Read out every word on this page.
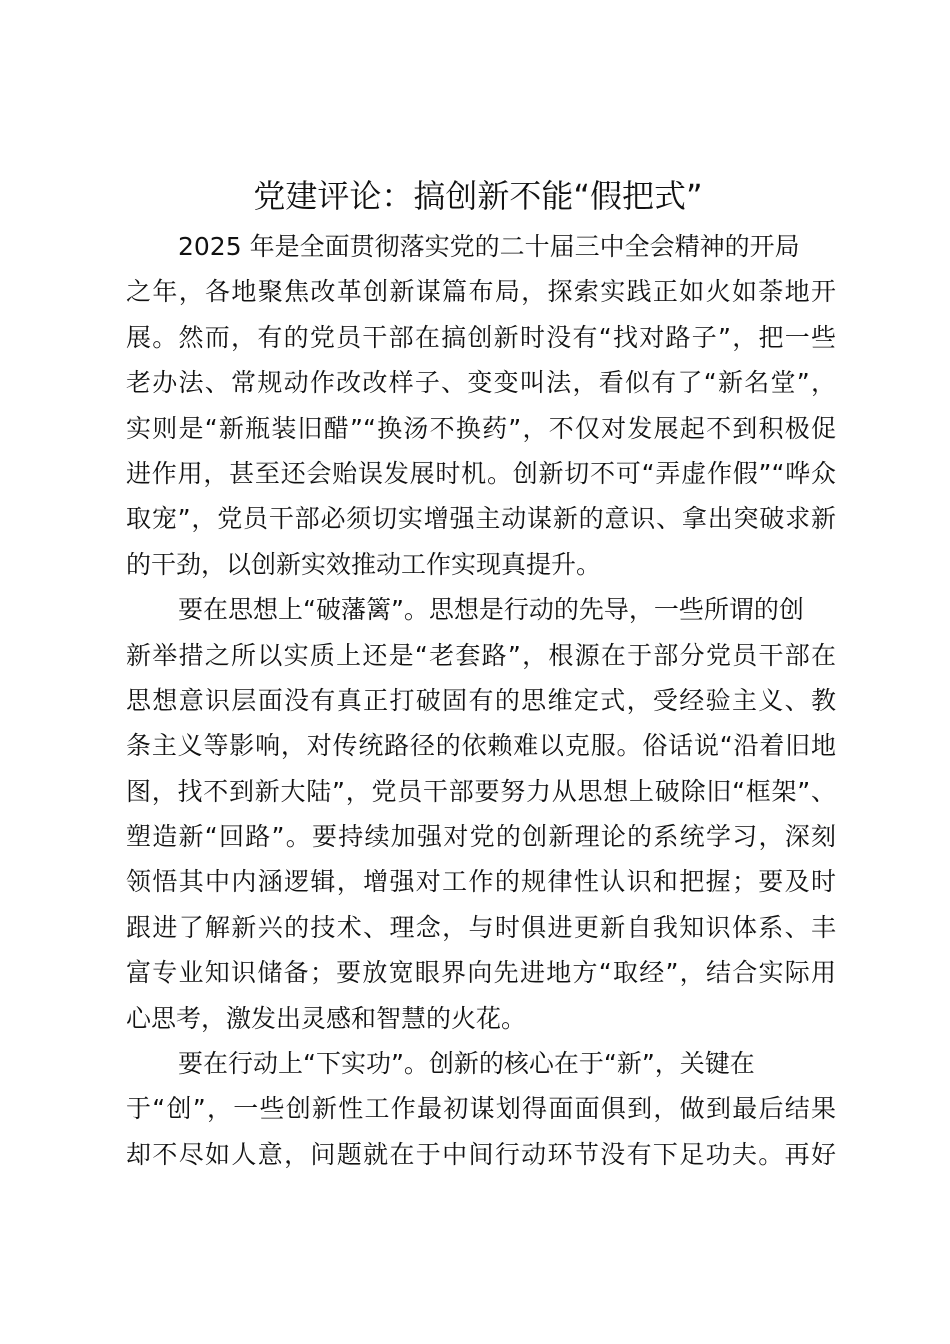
党建评论：搞创新不能“假把式”
2025 年是全面贯彻落实党的二十届三中全会精神的开局
之年，各地聚焦改革创新谋篇布局，探索实践正如火如荼地开
展。然而，有的党员干部在搞创新时没有“找对路子”，把一些
老办法、常规动作改改样子、变变叫法，看似有了“新名堂”，
实则是“新瓶装旧醋”“换汤不换药”，不仅对发展起不到积极促
进作用，甚至还会贻误发展时机。创新切不可“弄虚作假”“哗众
取宠”，党员干部必须切实增强主动谋新的意识、拿出突破求新
的干劲，以创新实效推动工作实现真提升。
要在思想上“破藩篱”。思想是行动的先导，一些所谓的创
新举措之所以实质上还是“老套路”，根源在于部分党员干部在
思想意识层面没有真正打破固有的思维定式，受经验主义、教
条主义等影响，对传统路径的依赖难以克服。俗话说“沿着旧地
图，找不到新大陆”，党员干部要努力从思想上破除旧“框架”、
塑造新“回路”。要持续加强对党的创新理论的系统学习，深刻
领悟其中内涵逻辑，增强对工作的规律性认识和把握；要及时
跟进了解新兴的技术、理念，与时俱进更新自我知识体系、丰
富专业知识储备；要放宽眼界向先进地方“取经”，结合实际用
心思考，激发出灵感和智慧的火花。
要在行动上“下实功”。创新的核心在于“新”，关键在
于“创”，一些创新性工作最初谋划得面面俱到，做到最后结果
却不尽如人意，问题就在于中间行动环节没有下足功夫。再好
